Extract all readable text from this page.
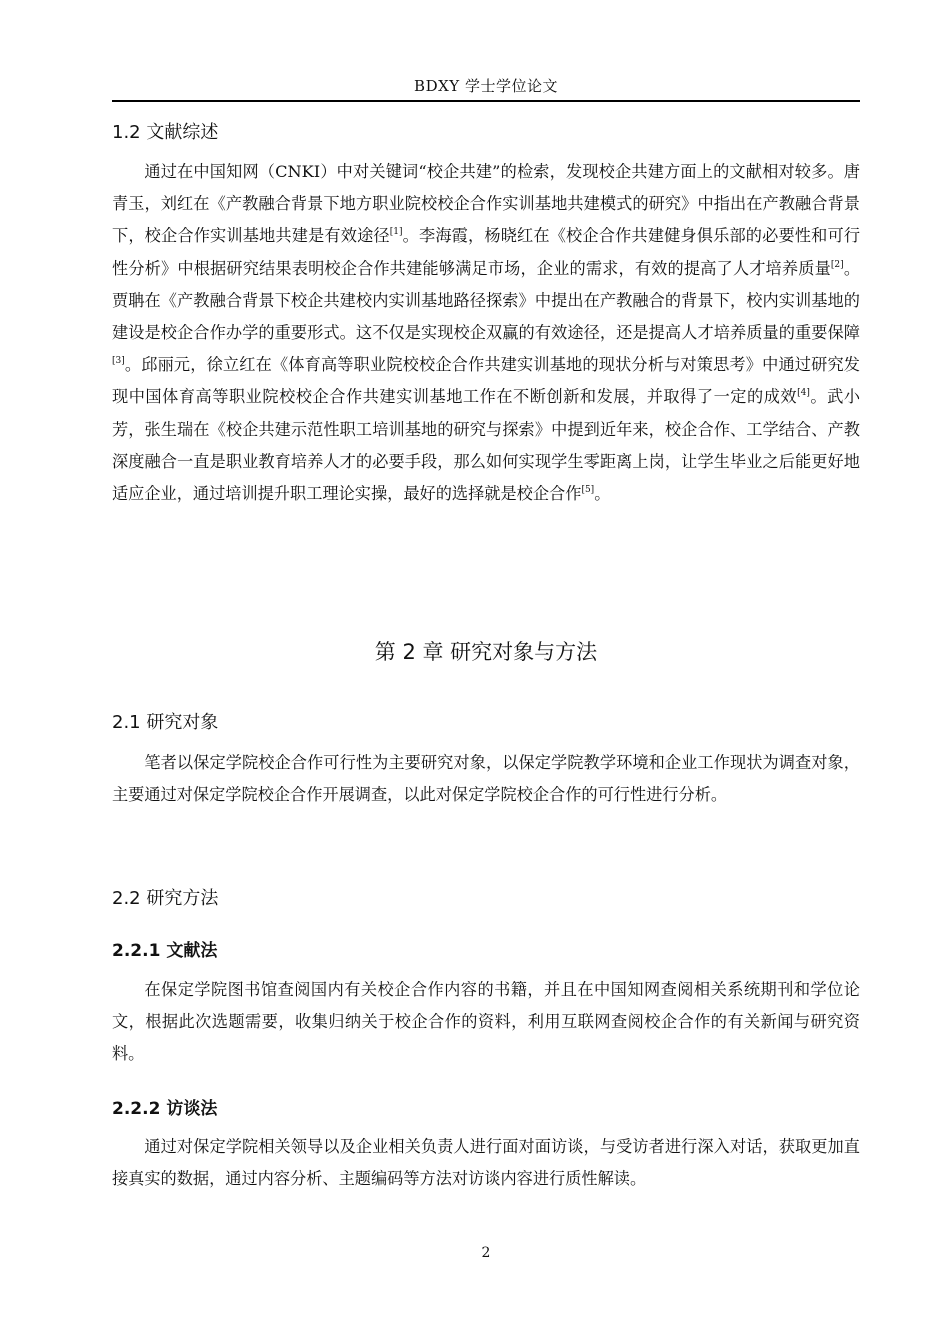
BDXY 学士学位论文
1.2 文献综述

通过在中国知网（CNKI）中对关键词“校企共建”的检索，发现校企共建方面上的文献相对较多。唐青玉，刘红在《产教融合背景下地方职业院校校企合作实训基地共建模式的研究》中指出在产教融合背景下，校企合作实训基地共建是有效途径[1]。李海霞，杨晓红在《校企合作共建健身俱乐部的必要性和可行性分析》中根据研究结果表明校企合作共建能够满足市场，企业的需求，有效的提高了人才培养质量[2]。贾聃在《产教融合背景下校企共建校内实训基地路径探索》中提出在产教融合的背景下，校内实训基地的建设是校企合作办学的重要形式。这不仅是实现校企双赢的有效途径，还是提高人才培养质量的重要保障[3]。邱丽元，徐立红在《体育高等职业院校校企合作共建实训基地的现状分析与对策思考》中通过研究发现中国体育高等职业院校校企合作共建实训基地工作在不断创新和发展，并取得了一定的成效[4]。武小芳，张生瑞在《校企共建示范性职工培训基地的研究与探索》中提到近年来，校企合作、工学结合、产教深度融合一直是职业教育培养人才的必要手段，那么如何实现学生零距离上岗，让学生毕业之后能更好地适应企业，通过培训提升职工理论实操，最好的选择就是校企合作[5]。

第 2 章 研究对象与方法
2.1 研究对象

笔者以保定学院校企合作可行性为主要研究对象，以保定学院教学环境和企业工作现状为调查对象，主要通过对保定学院校企合作开展调查，以此对保定学院校企合作的可行性进行分析。

2.2 研究方法
2.2.1 文献法

在保定学院图书馆查阅国内有关校企合作内容的书籍，并且在中国知网查阅相关系统期刊和学位论文，根据此次选题需要，收集归纳关于校企合作的资料，利用互联网查阅校企合作的有关新闻与研究资料。

2.2.2 访谈法

通过对保定学院相关领导以及企业相关负责人进行面对面访谈，与受访者进行深入对话，获取更加直接真实的数据，通过内容分析、主题编码等方法对访谈内容进行质性解读。

2
